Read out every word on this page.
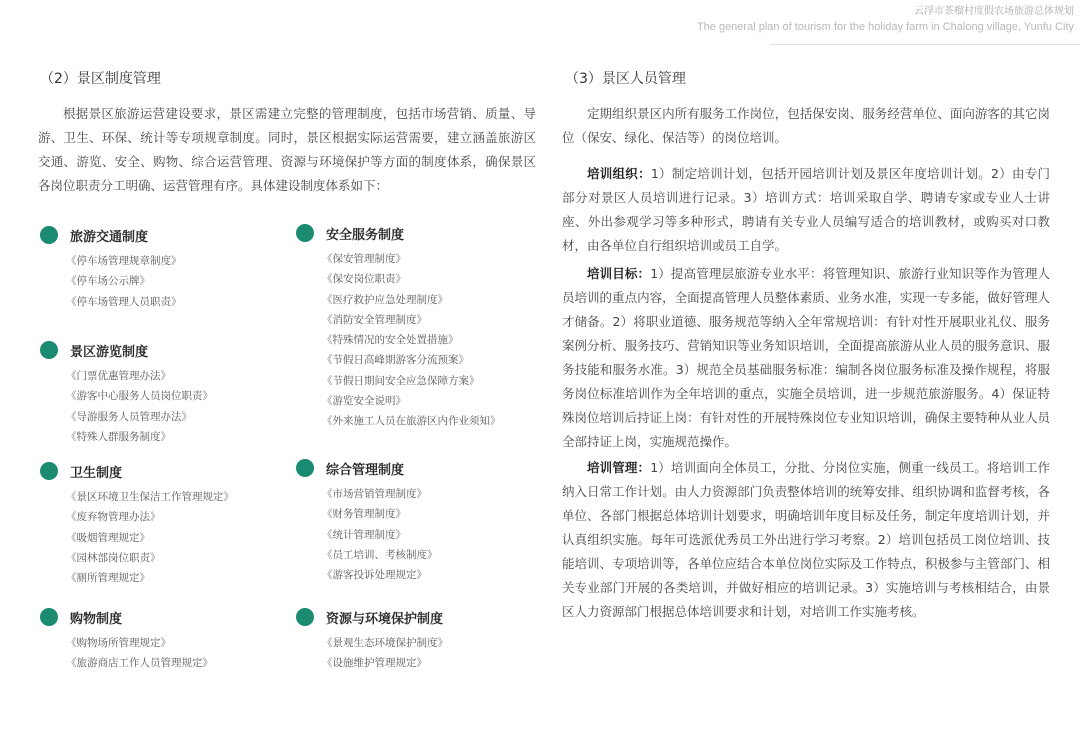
云浮市茶榴村度假农场旅游总体规划
The general plan of tourism for the holiday farm in Chalong village, Yunfu City
（2）景区制度管理

根据景区旅游运营建设要求，景区需建立完整的管理制度，包括市场营销、质量、导游、卫生、环保、统计等专项规章制度。同时，景区根据实际运营需要，建立涵盖旅游区交通、游览、安全、购物、综合运营管理、资源与环境保护等方面的制度体系，确保景区各岗位职责分工明确、运营管理有序。具体建设制度体系如下：

旅游交通制度
《停车场管理规章制度》
《停车场公示牌》
《停车场管理人员职责》
景区游览制度
《门票优惠管理办法》
《游客中心服务人员岗位职责》
《导游服务人员管理办法》
《特殊人群服务制度》
卫生制度
《景区环境卫生保洁工作管理规定》
《废弃物管理办法》
《吸烟管理规定》
《园林部岗位职责》
《厕所管理规定》
购物制度
《购物场所管理规定》
《旅游商店工作人员管理规定》
安全服务制度
《保安管理制度》
《保安岗位职责》
《医疗救护应急处理制度》
《消防安全管理制度》
《特殊情况的安全处置措施》
《节假日高峰期游客分流预案》
《节假日期间安全应急保障方案》
《游览安全说明》
《外来施工人员在旅游区内作业须知》
综合管理制度
《市场营销管理制度》
《财务管理制度》
《统计管理制度》
《员工培训、考核制度》
《游客投诉处理规定》
资源与环境保护制度
《景观生态环境保护制度》
《设施维护管理规定》
（3）景区人员管理

定期组织景区内所有服务工作岗位，包括保安岗、服务经营单位、面向游客的其它岗位（保安、绿化、保洁等）的岗位培训。

培训组织：1）制定培训计划，包括开园培训计划及景区年度培训计划。2）由专门部分对景区人员培训进行记录。3）培训方式：培训采取自学、聘请专家或专业人士讲座、外出参观学习等多种形式，聘请有关专业人员编写适合的培训教材，或购买对口教材，由各单位自行组织培训或员工自学。

培训目标：1）提高管理层旅游专业水平：将管理知识、旅游行业知识等作为管理人员培训的重点内容，全面提高管理人员整体素质、业务水准，实现一专多能，做好管理人才储备。2）将职业道德、服务规范等纳入全年常规培训：有针对性开展职业礼仪、服务案例分析、服务技巧、营销知识等业务知识培训，全面提高旅游从业人员的服务意识、服务技能和服务水准。3）规范全员基础服务标准：编制各岗位服务标准及操作规程，将服务岗位标准培训作为全年培训的重点，实施全员培训，进一步规范旅游服务。4）保证特殊岗位培训后持证上岗：有针对性的开展特殊岗位专业知识培训，确保主要特种从业人员全部持证上岗，实施规范操作。

培训管理：1）培训面向全体员工，分批、分岗位实施，侧重一线员工。将培训工作纳入日常工作计划。由人力资源部门负责整体培训的统筹安排、组织协调和监督考核，各单位、各部门根据总体培训计划要求，明确培训年度目标及任务，制定年度培训计划，并认真组织实施。每年可选派优秀员工外出进行学习考察。2）培训包括员工岗位培训、技能培训、专项培训等，各单位应结合本单位岗位实际及工作特点，积极参与主管部门、相关专业部门开展的各类培训，并做好相应的培训记录。3）实施培训与考核相结合，由景区人力资源部门根据总体培训要求和计划，对培训工作实施考核。
